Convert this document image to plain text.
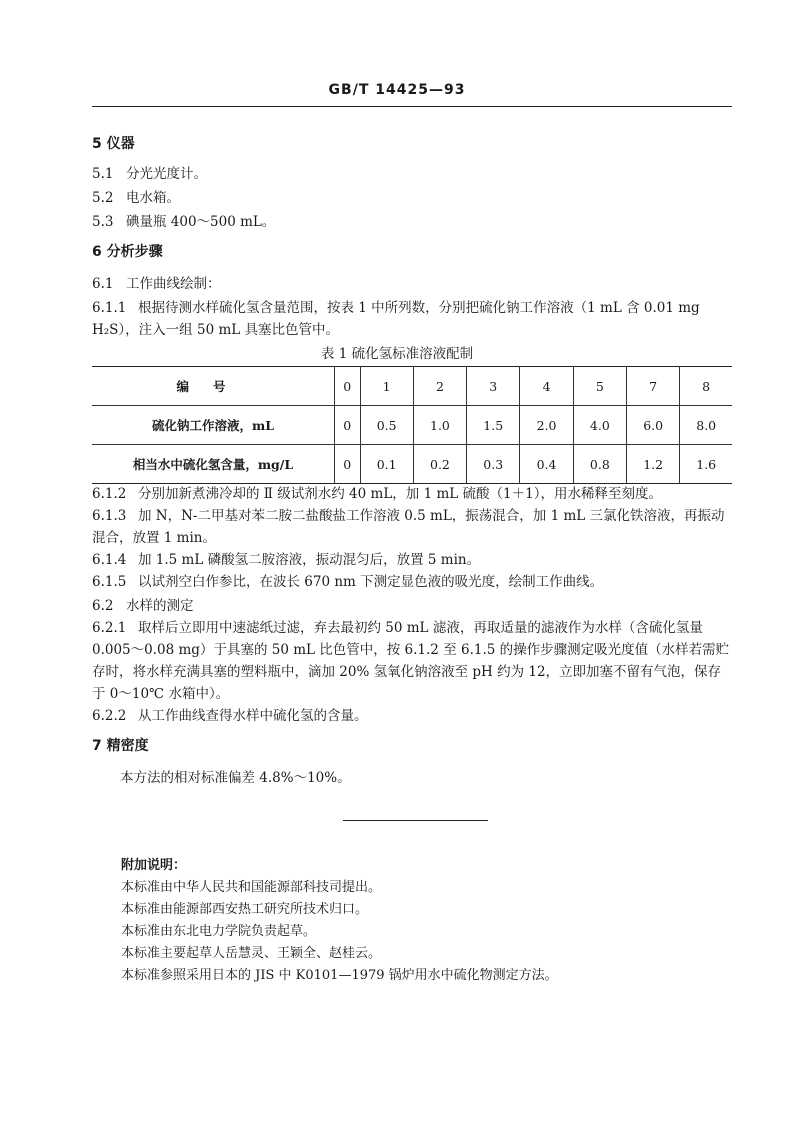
GB/T 14425—93
5 仪器
5.1 分光光度计。
5.2 电水箱。
5.3 碘量瓶 400～500 mL。
6 分析步骤
6.1 工作曲线绘制：
6.1.1 根据待测水样硫化氢含量范围，按表 1 中所列数，分别把硫化钠工作溶液（1 mL 含 0.01 mg
H₂S），注入一组 50 mL 具塞比色管中。
表 1 硫化氢标准溶液配制
编号	0	1	2	3	4	5	7	8
硫化钠工作溶液，mL	0	0.5	1.0	1.5	2.0	4.0	6.0	8.0
相当水中硫化氢含量，mg/L	0	0.1	0.2	0.3	0.4	0.8	1.2	1.6
6.1.2 分别加新煮沸冷却的 Ⅱ 级试剂水约 40 mL，加 1 mL 硫酸（1＋1），用水稀释至刻度。
6.1.3 加 N，N-二甲基对苯二胺二盐酸盐工作溶液 0.5 mL，振荡混合，加 1 mL 三氯化铁溶液，再振动
混合，放置 1 min。
6.1.4 加 1.5 mL 磷酸氢二胺溶液，振动混匀后，放置 5 min。
6.1.5 以试剂空白作参比，在波长 670 nm 下测定显色液的吸光度，绘制工作曲线。
6.2 水样的测定
6.2.1 取样后立即用中速滤纸过滤，弃去最初约 50 mL 滤液，再取适量的滤液作为水样（含硫化氢量
0.005～0.08 mg）于具塞的 50 mL 比色管中，按 6.1.2 至 6.1.5 的操作步骤测定吸光度值（水样若需贮
存时，将水样充满具塞的塑料瓶中，滴加 20% 氢氧化钠溶液至 pH 约为 12，立即加塞不留有气泡，保存
于 0～10℃ 水箱中）。
6.2.2 从工作曲线查得水样中硫化氢的含量。
7 精密度
本方法的相对标准偏差 4.8%～10%。
附加说明：
本标准由中华人民共和国能源部科技司提出。
本标准由能源部西安热工研究所技术归口。
本标准由东北电力学院负责起草。
本标准主要起草人岳慧灵、王颖全、赵桂云。
本标准参照采用日本的 JIS 中 K0101—1979 锅炉用水中硫化物测定方法。
